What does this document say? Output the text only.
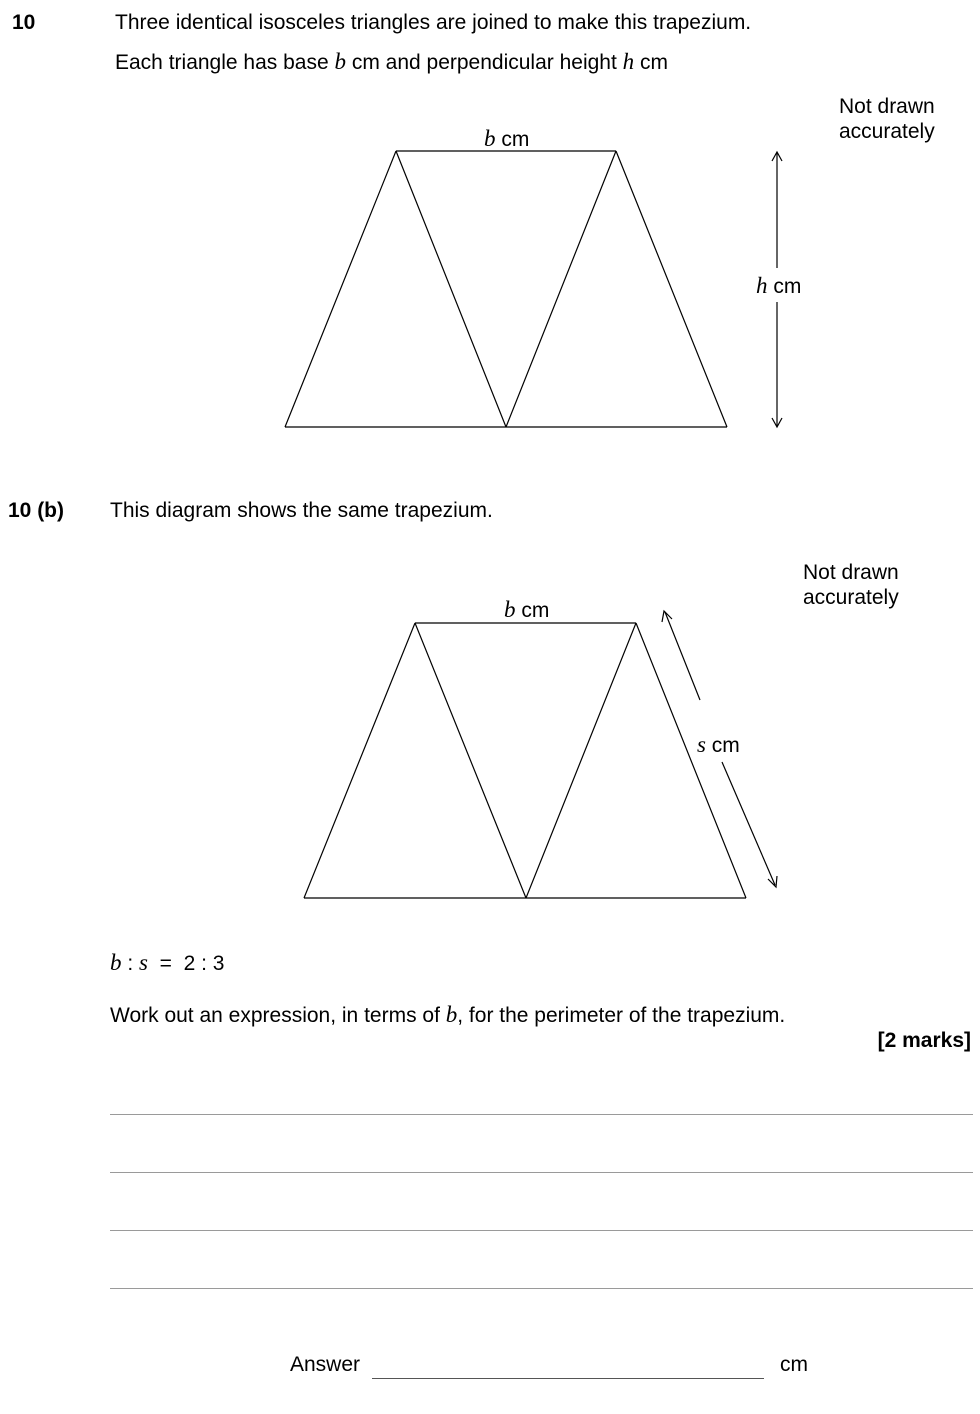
10	Three identical isosceles triangles are joined to make this trapezium.
Each triangle has base b cm and perpendicular height h cm
Not drawn
accurately
b cm
h cm
b cm
s cm
10 (b) This diagram shows the same trapezium.
Not drawn
accurately
b : s  =  2 : 3
Work out an expression, in terms of b, for the perimeter of the trapezium.
[2 marks]
Answer	cm
